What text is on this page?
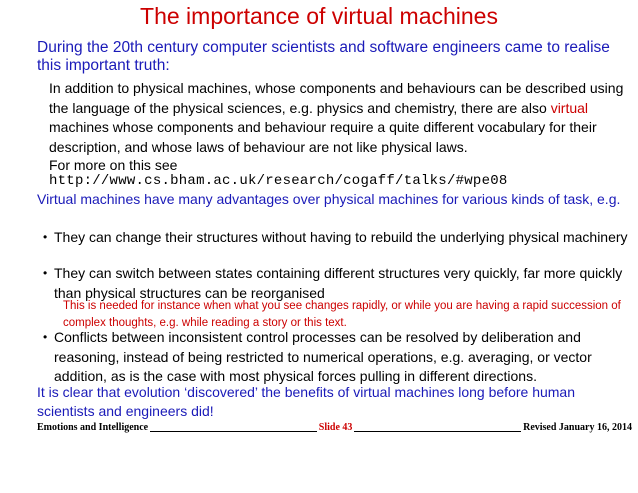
The importance of virtual machines
During the 20th century computer scientists and software engineers came to realise this important truth:
In addition to physical machines, whose components and behaviours can be described using the language of the physical sciences, e.g. physics and chemistry, there are also virtual machines whose components and behaviour require a quite different vocabulary for their description, and whose laws of behaviour are not like physical laws.
For more on this see
http://www.cs.bham.ac.uk/research/cogaff/talks/#wpe08
Virtual machines have many advantages over physical machines for various kinds of task, e.g.
• They can change their structures without having to rebuild the underlying physical machinery
• They can switch between states containing different structures very quickly, far more quickly than physical structures can be reorganised
This is needed for instance when what you see changes rapidly, or while you are having a rapid succession of complex thoughts, e.g. while reading a story or this text.
• Conflicts between inconsistent control processes can be resolved by deliberation and reasoning, instead of being restricted to numerical operations, e.g. averaging, or vector addition, as is the case with most physical forces pulling in different directions.
It is clear that evolution ‘discovered’ the benefits of virtual machines long before human scientists and engineers did!
Emotions and Intelligence	Slide 43	Revised January 16, 2014
